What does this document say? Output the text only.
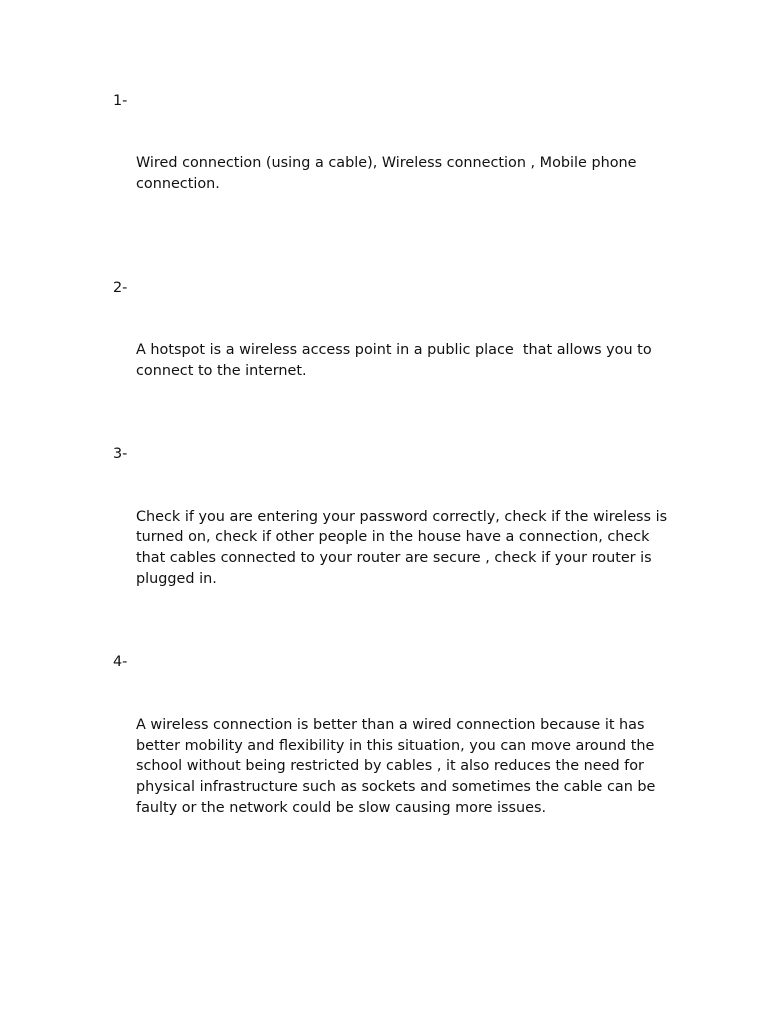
1-

Wired connection (using a cable), Wireless connection , Mobile phone connection.

2-

A hotspot is a wireless access point in a public place  that allows you to connect to the internet.

3-

Check if you are entering your password correctly, check if the wireless is turned on, check if other people in the house have a connection, check that cables connected to your router are secure , check if your router is plugged in.

4-

A wireless connection is better than a wired connection because it has better mobility and flexibility in this situation, you can move around the school without being restricted by cables , it also reduces the need for physical infrastructure such as sockets and sometimes the cable can be faulty or the network could be slow causing more issues.
